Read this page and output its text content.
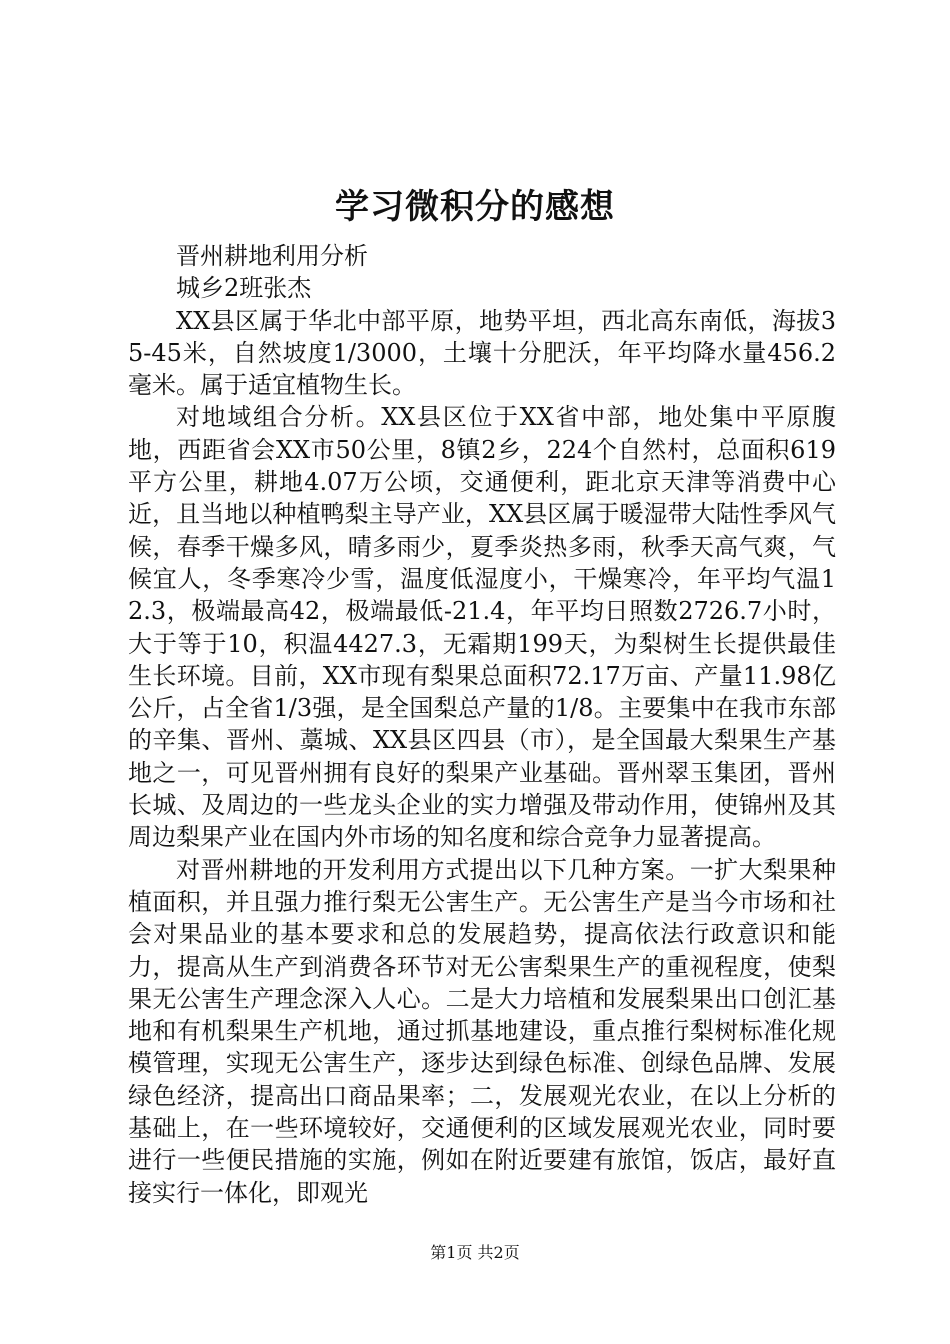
学习微积分的感想

晋州耕地利用分析

城乡2班张杰

XX县区属于华北中部平原，地势平坦，西北高东南低，海拔35-45米，自然坡度1/3000，土壤十分肥沃，年平均降水量456.2毫米。属于适宜植物生长。

对地域组合分析。XX县区位于XX省中部，地处集中平原腹地，西距省会XX市50公里，8镇2乡，224个自然村，总面积619平方公里，耕地4.07万公顷，交通便利，距北京天津等消费中心近，且当地以种植鸭梨主导产业，XX县区属于暖湿带大陆性季风气候，春季干燥多风，晴多雨少，夏季炎热多雨，秋季天高气爽，气候宜人，冬季寒冷少雪，温度低湿度小，干燥寒冷，年平均气温12.3，极端最高42，极端最低-21.4，年平均日照数2726.7小时，大于等于10，积温4427.3，无霜期199天，为梨树生长提供最佳生长环境。目前，XX市现有梨果总面积72.17万亩、产量11.98亿公斤，占全省1/3强，是全国梨总产量的1/8。主要集中在我市东部的辛集、晋州、藁城、XX县区四县（市），是全国最大梨果生产基地之一，可见晋州拥有良好的梨果产业基础。晋州翠玉集团，晋州长城、及周边的一些龙头企业的实力增强及带动作用，使锦州及其周边梨果产业在国内外市场的知名度和综合竞争力显著提高。

对晋州耕地的开发利用方式提出以下几种方案。一扩大梨果种植面积，并且强力推行梨无公害生产。无公害生产是当今市场和社会对果品业的基本要求和总的发展趋势，提高依法行政意识和能力，提高从生产到消费各环节对无公害梨果生产的重视程度，使梨果无公害生产理念深入人心。二是大力培植和发展梨果出口创汇基地和有机梨果生产机地，通过抓基地建设，重点推行梨树标准化规模管理，实现无公害生产，逐步达到绿色标准、创绿色品牌、发展绿色经济，提高出口商品果率；二，发展观光农业，在以上分析的基础上，在一些环境较好，交通便利的区域发展观光农业，同时要进行一些便民措施的实施，例如在附近要建有旅馆，饭店，最好直接实行一体化，即观光

第1页 共2页
